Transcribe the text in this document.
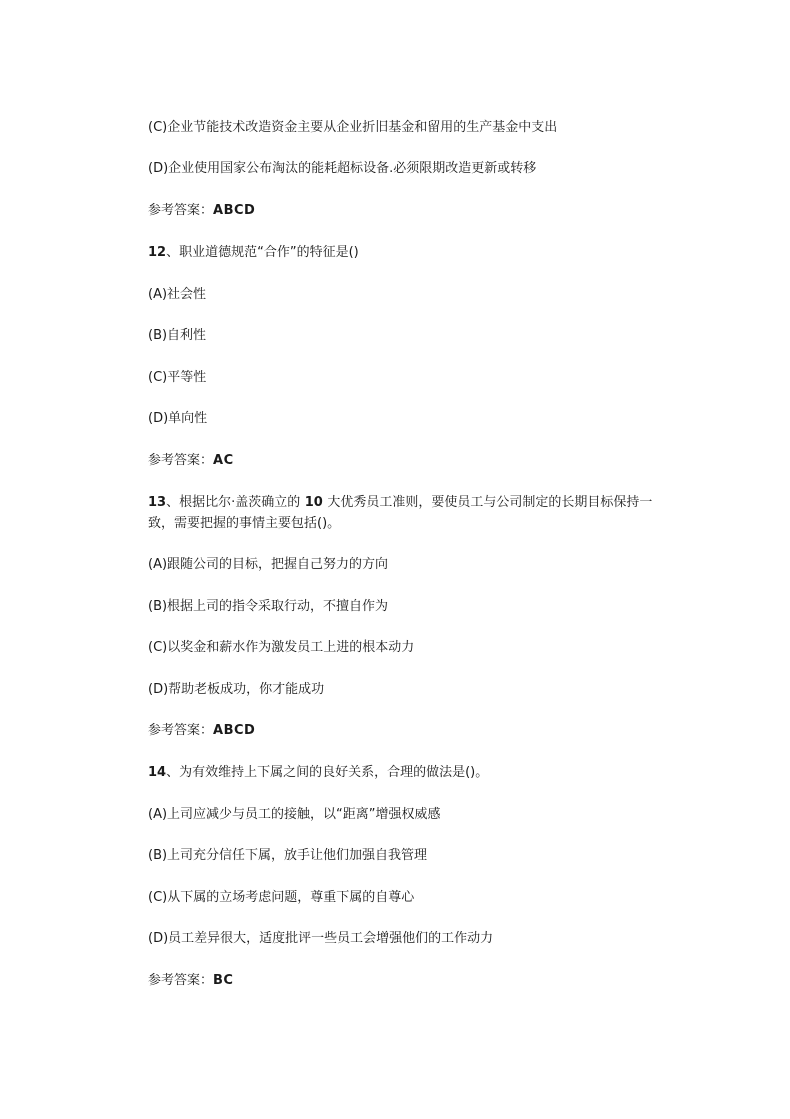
(C)企业节能技术改造资金主要从企业折旧基金和留用的生产基金中支出
(D)企业使用国家公布淘汰的能耗超标设备.必须限期改造更新或转移
参考答案：ABCD
12、职业道德规范“合作”的特征是()
(A)社会性
(B)自利性
(C)平等性
(D)单向性
参考答案：AC
13、根据比尔·盖茨确立的 10 大优秀员工准则，要使员工与公司制定的长期目标保持一致，需要把握的事情主要包括()。
(A)跟随公司的目标，把握自己努力的方向
(B)根据上司的指令采取行动，不擅自作为
(C)以奖金和薪水作为激发员工上进的根本动力
(D)帮助老板成功，你才能成功
参考答案：ABCD
14、为有效维持上下属之间的良好关系，合理的做法是()。
(A)上司应减少与员工的接触，以“距离”增强权威感
(B)上司充分信任下属，放手让他们加强自我管理
(C)从下属的立场考虑问题，尊重下属的自尊心
(D)员工差异很大，适度批评一些员工会增强他们的工作动力
参考答案：BC
